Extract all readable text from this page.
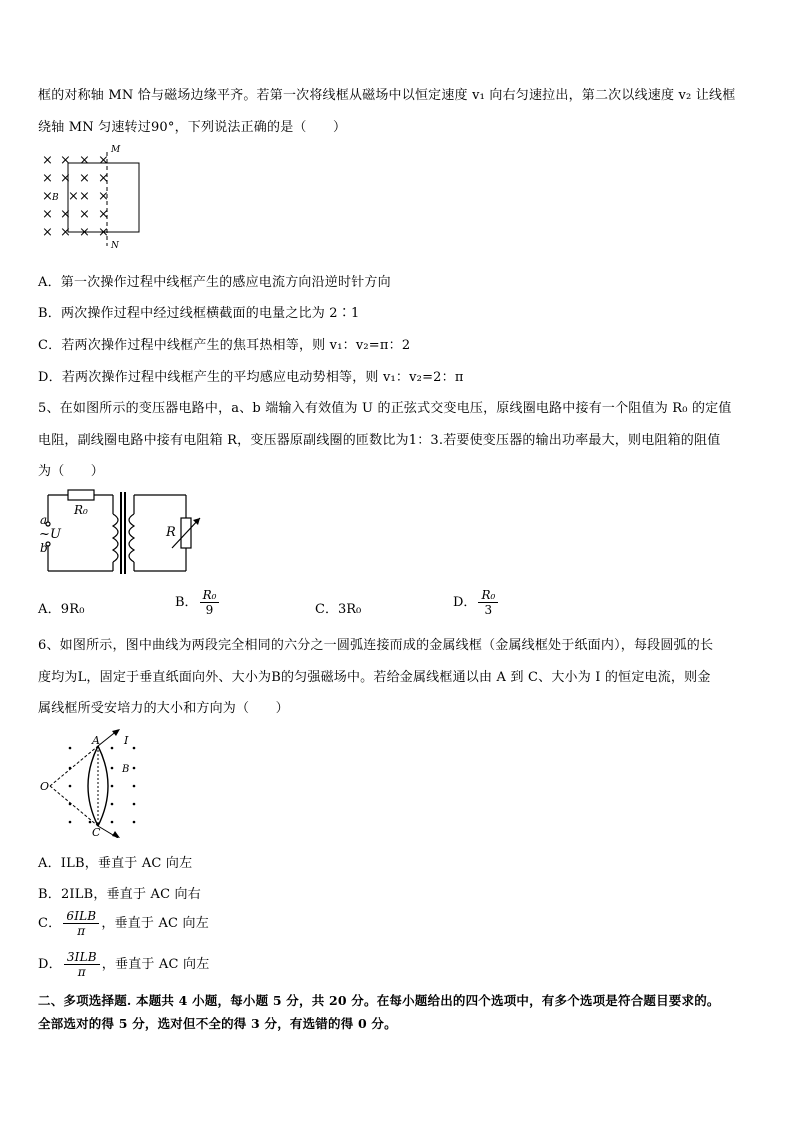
框的对称轴 MN 恰与磁场边缘平齐。若第一次将线框从磁场中以恒定速度 v₁ 向右匀速拉出，第二次以线速度 v₂ 让线框
绕轴 MN 匀速转过90°，下列说法正确的是（　　）
× × × ×
× × × ×
× × × ×
× × × ×
× × × ×
B
M
N
A．第一次操作过程中线框产生的感应电流方向沿逆时针方向
B．两次操作过程中经过线框横截面的电量之比为 2∶1
C．若两次操作过程中线框产生的焦耳热相等，则 v₁：v₂=π：2
D．若两次操作过程中线框产生的平均感应电动势相等，则 v₁：v₂=2：π
5、在如图所示的变压器电路中，a、b 端输入有效值为 U 的正弦式交变电压，原线圈电路中接有一个阻值为 R₀ 的定值
电阻，副线圈电路中接有电阻箱 R，变压器原副线圈的匝数比为1：3.若要使变压器的输出功率最大，则电阻箱的阻值
为（　　）
R₀
a
~ U
b
R
A．9R₀	B． $\frac{\text{R₀}}{9}$	C．3R₀	D． $\frac{\text{R₀}}{3}$
6、如图所示，图中曲线为两段完全相同的六分之一圆弧连接而成的金属线框（金属线框处于纸面内），每段圆弧的长
度均为L，固定于垂直纸面向外、大小为B的匀强磁场中。若给金属线框通以由 A 到 C、大小为 I 的恒定电流，则金
属线框所受安培力的大小和方向为（　　）
O
A
C
B
I
A．ILB，垂直于 AC 向左
B．2ILB，垂直于 AC 向右
C． $\frac{\text{6ILB}}{\pi}$ ，垂直于 AC 向左
D． $\frac{\text{3ILB}}{\pi}$ ，垂直于 AC 向左
二、多项选择题. 本题共 4 小题，每小题 5 分，共 20 分。在每小题给出的四个选项中，有多个选项是符合题目要求的。
全部选对的得 5 分，选对但不全的得 3 分，有选错的得 0 分。
